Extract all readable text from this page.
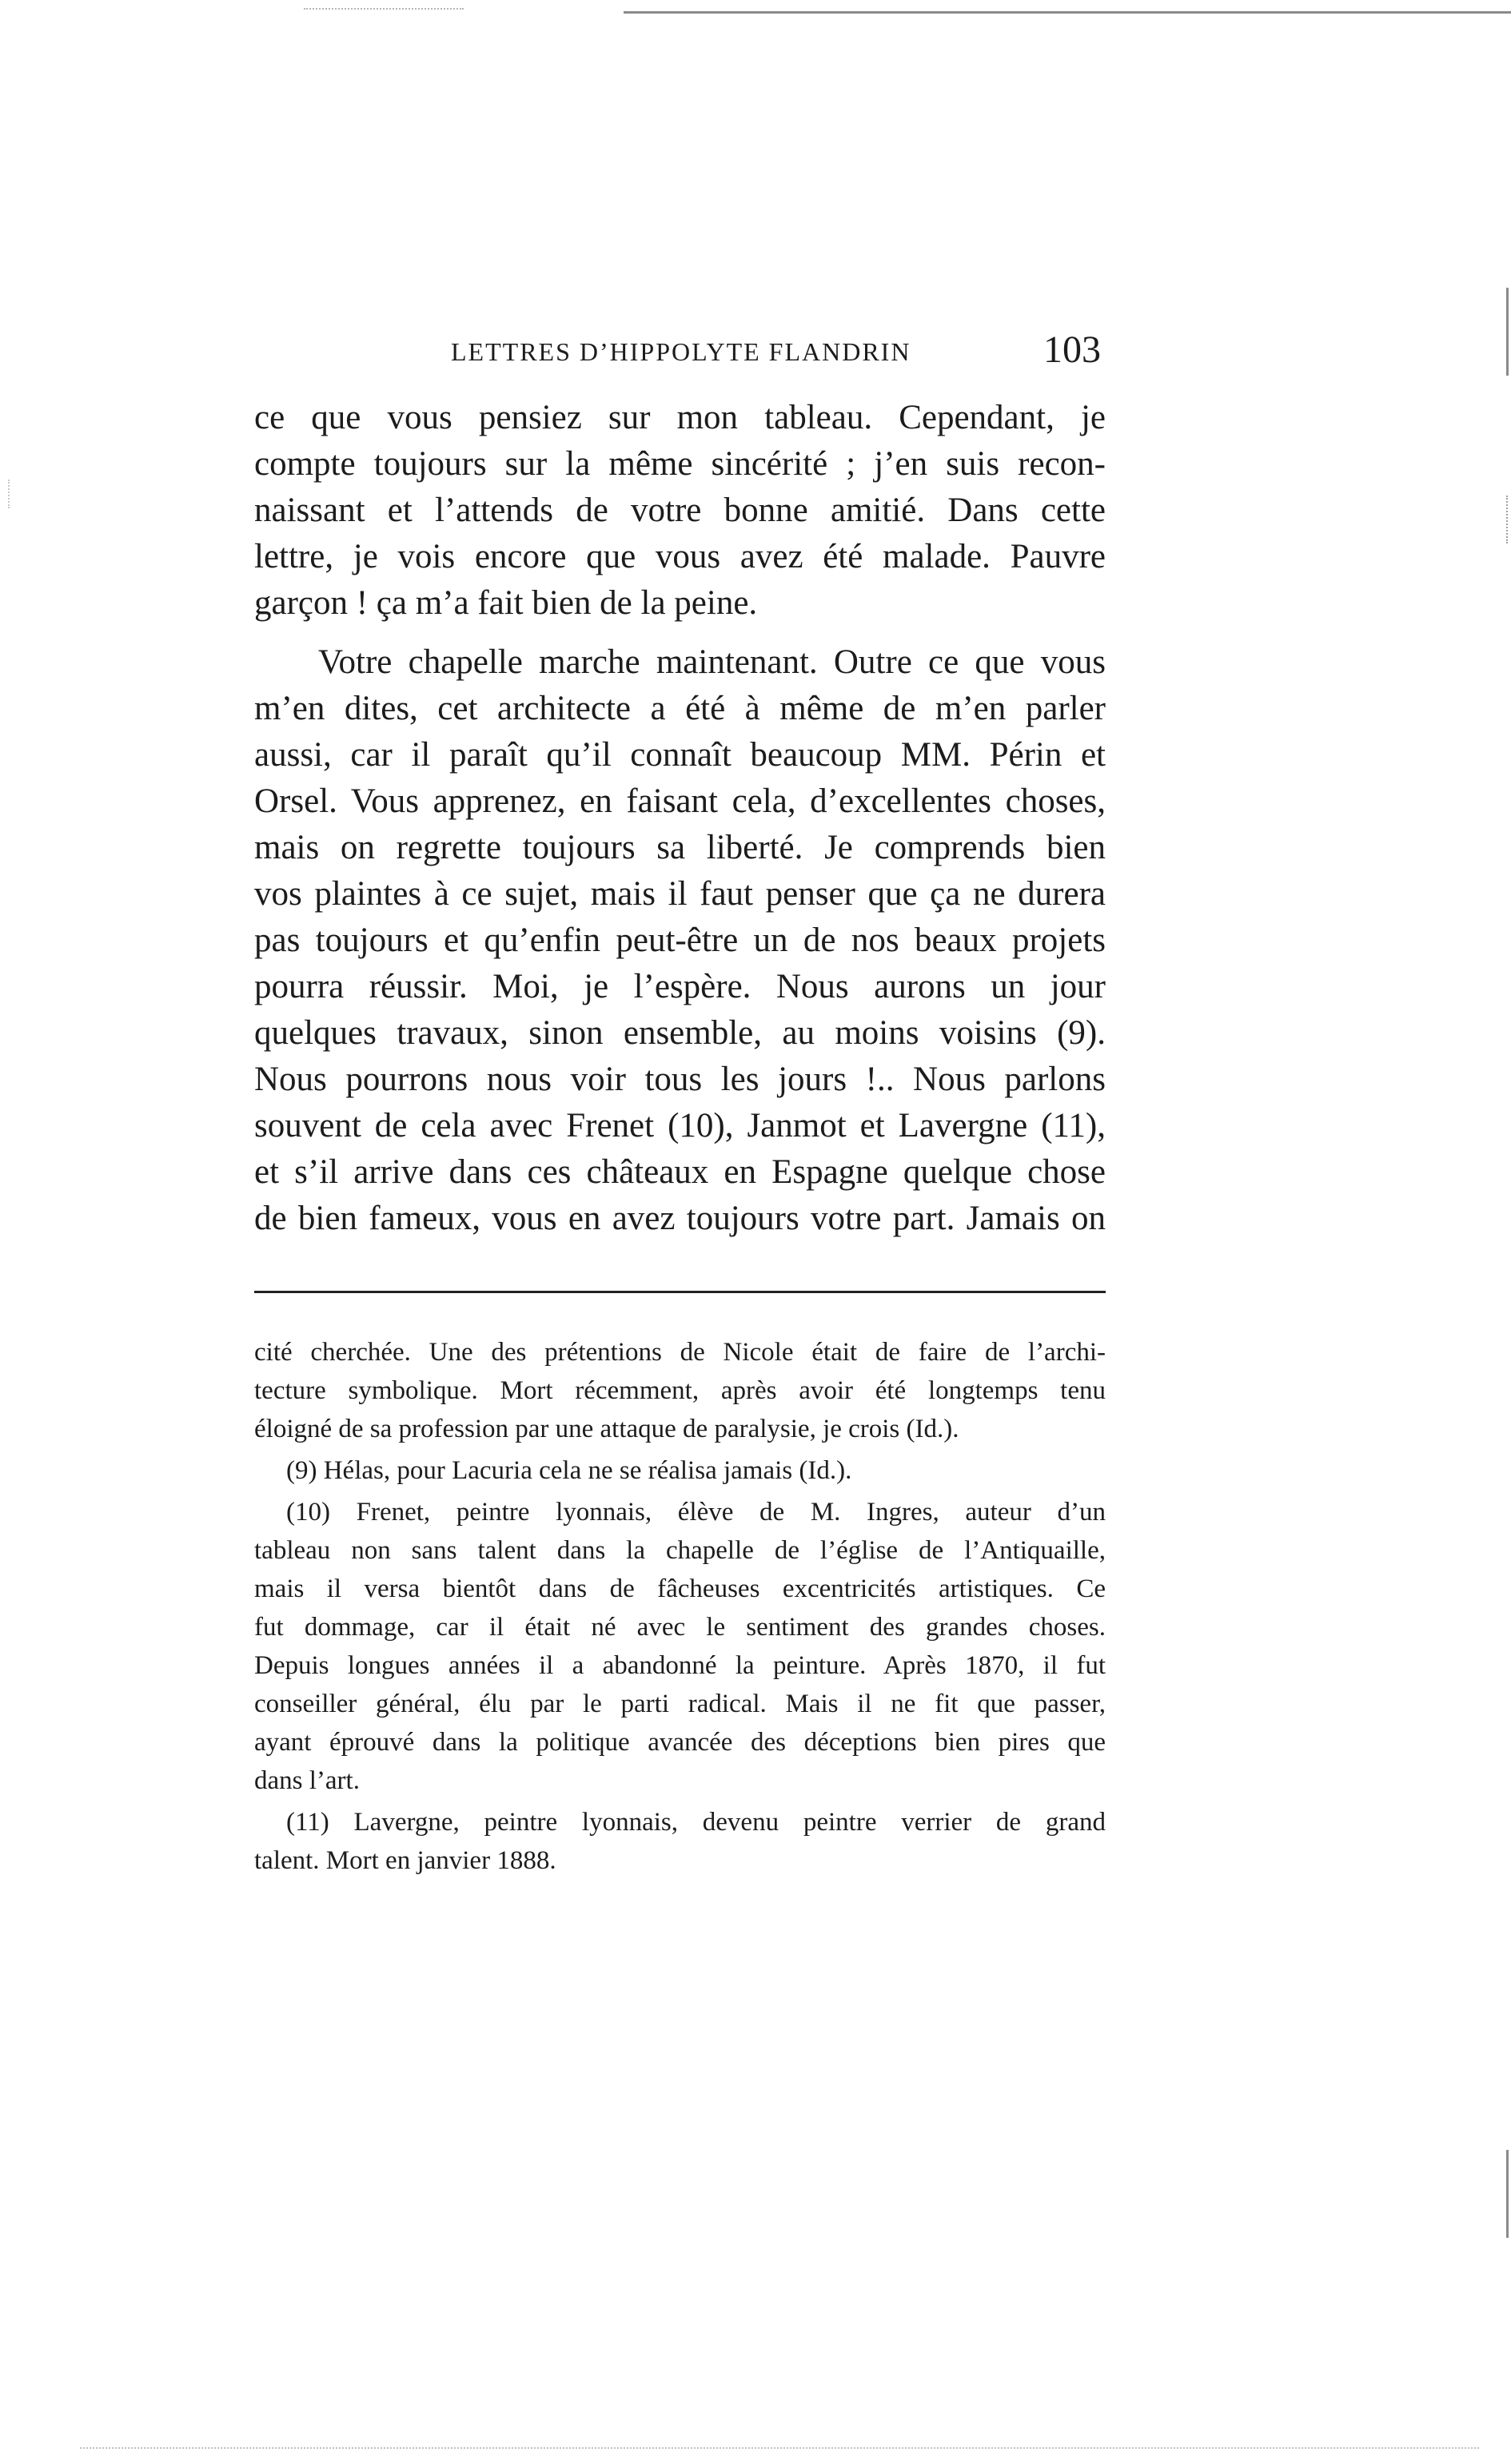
LETTRES D’HIPPOLYTE FLANDRIN	103
ce que vous pensiez sur mon tableau. Cependant, je
compte toujours sur la même sincérité ; j’en suis recon-
naissant et l’attends de votre bonne amitié. Dans cette
lettre, je vois encore que vous avez été malade. Pauvre
garçon ! ça m’a fait bien de la peine.
Votre chapelle marche maintenant. Outre ce que vous
m’en dites, cet architecte a été à même de m’en parler
aussi, car il paraît qu’il connaît beaucoup MM. Périn et
Orsel. Vous apprenez, en faisant cela, d’excellentes choses,
mais on regrette toujours sa liberté. Je comprends bien
vos plaintes à ce sujet, mais il faut penser que ça ne durera
pas toujours et qu’enfin peut-être un de nos beaux projets
pourra réussir. Moi, je l’espère. Nous aurons un jour
quelques travaux, sinon ensemble, au moins voisins (9).
Nous pourrons nous voir tous les jours !.. Nous parlons
souvent de cela avec Frenet (10), Janmot et Lavergne (11),
et s’il arrive dans ces châteaux en Espagne quelque chose
de bien fameux, vous en avez toujours votre part. Jamais on
cité cherchée. Une des prétentions de Nicole était de faire de l’archi-
tecture symbolique. Mort récemment, après avoir été longtemps tenu
éloigné de sa profession par une attaque de paralysie, je crois (Id.).
(9) Hélas, pour Lacuria cela ne se réalisa jamais (Id.).
(10) Frenet, peintre lyonnais, élève de M. Ingres, auteur d’un
tableau non sans talent dans la chapelle de l’église de l’Antiquaille,
mais il versa bientôt dans de fâcheuses excentricités artistiques. Ce
fut dommage, car il était né avec le sentiment des grandes choses.
Depuis longues années il a abandonné la peinture. Après 1870, il fut
conseiller général, élu par le parti radical. Mais il ne fit que passer,
ayant éprouvé dans la politique avancée des déceptions bien pires que
dans l’art.
(11) Lavergne, peintre lyonnais, devenu peintre verrier de grand
talent. Mort en janvier 1888.
